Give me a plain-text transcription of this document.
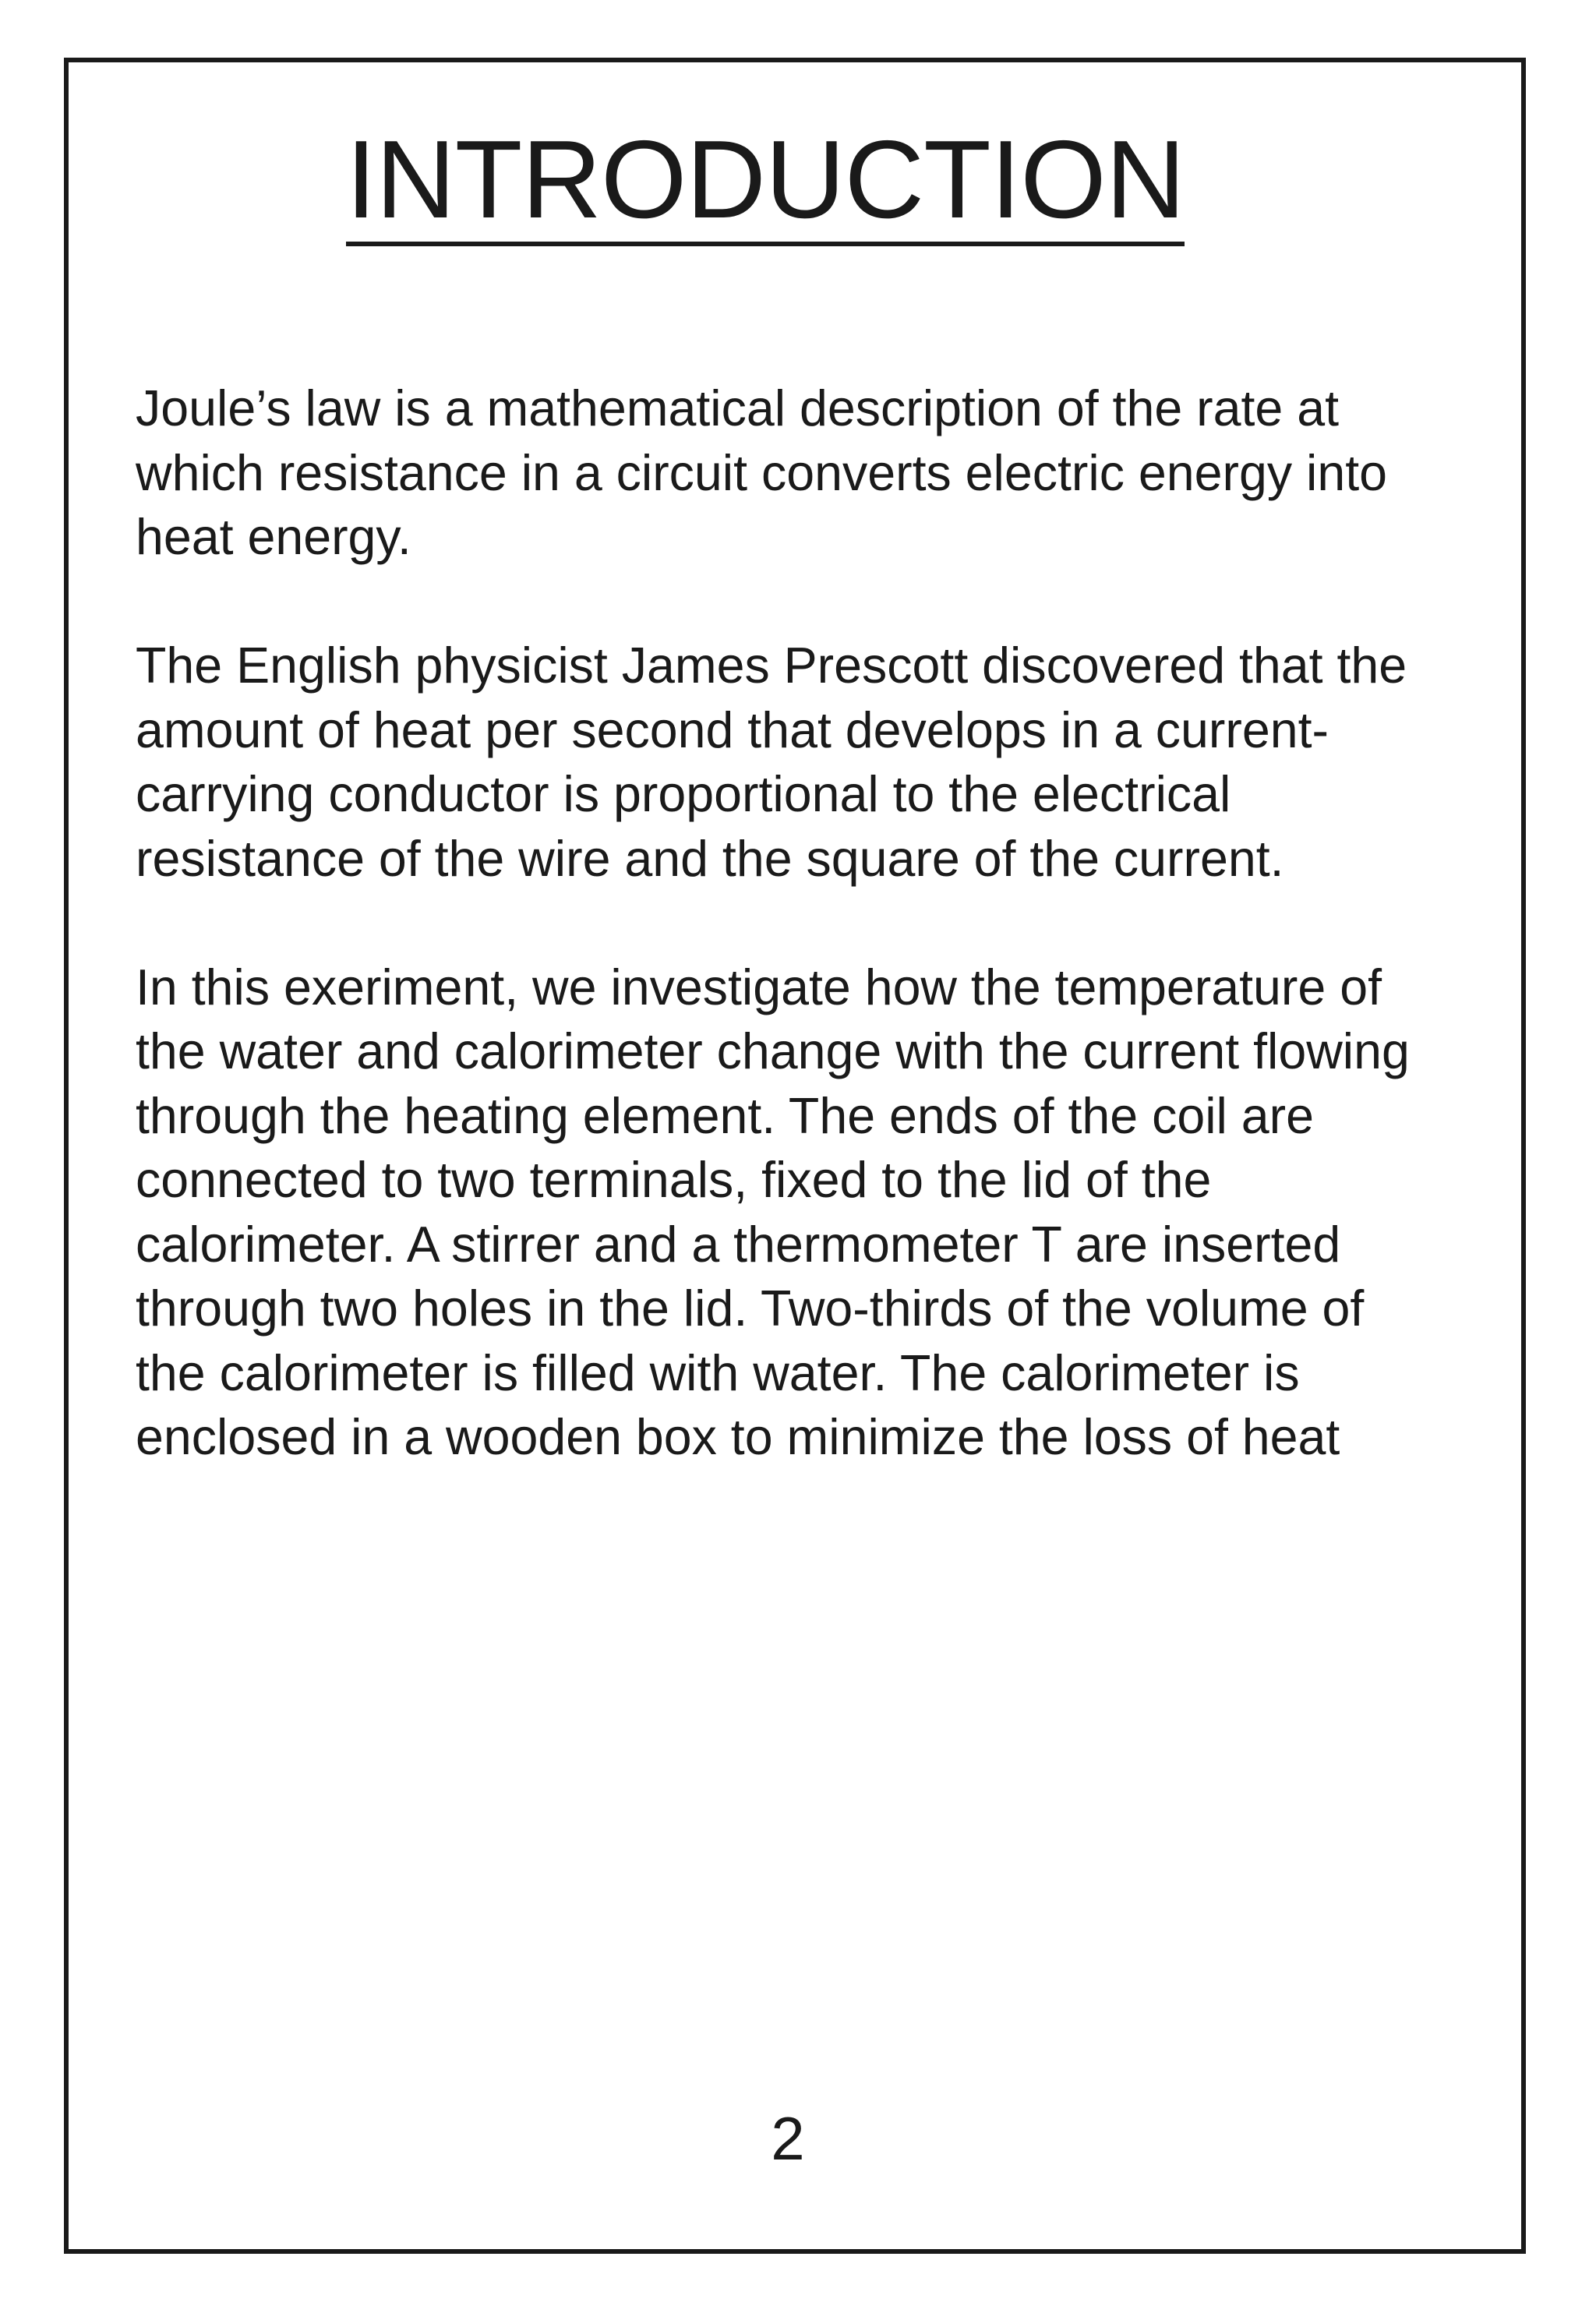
INTRODUCTION

Joule’s law is a mathematical description of the rate at which resistance in a circuit converts electric energy into heat energy.

The English physicist James Prescott discovered that the amount of heat per second that develops in a current-carrying conductor is proportional to the electrical resistance of the wire and the square of the current.

In this exeriment, we investigate how the temperature of the water and calorimeter change with the current flowing through the heating element. The ends of the coil are connected to two terminals, fixed to the lid of the calorimeter. A stirrer and a thermometer T are inserted through two holes in the lid. Two-thirds of the volume of the calorimeter is filled with water. The calorimeter is enclosed in a wooden box to minimize the loss of heat

2
